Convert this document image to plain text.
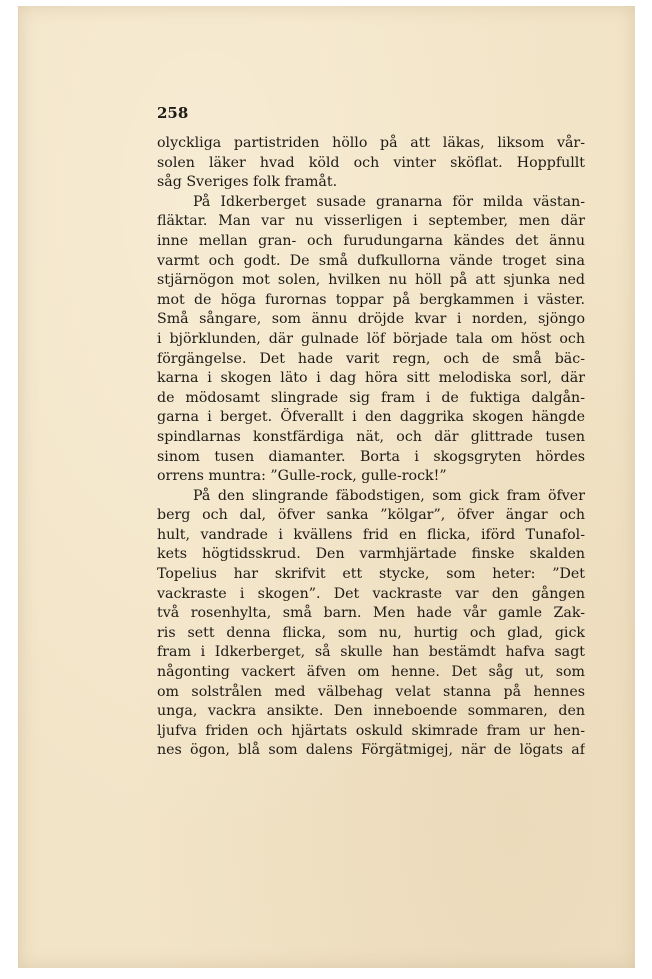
258
olyckliga partistriden höllo på att läkas, liksom vår-
solen läker hvad köld och vinter sköflat. Hoppfullt
såg Sveriges folk framåt.
På Idkerberget susade granarna för milda västan-
fläktar. Man var nu visserligen i september, men där
inne mellan gran- och furudungarna kändes det ännu
varmt och godt. De små dufkullorna vände troget sina
stjärnögon mot solen, hvilken nu höll på att sjunka ned
mot de höga furornas toppar på bergkammen i väster.
Små sångare, som ännu dröjde kvar i norden, sjöngo
i björklunden, där gulnade löf började tala om höst och
förgängelse. Det hade varit regn, och de små bäc-
karna i skogen läto i dag höra sitt melodiska sorl, där
de mödosamt slingrade sig fram i de fuktiga dalgån-
garna i berget. Öfverallt i den daggrika skogen hängde
spindlarnas konstfärdiga nät, och där glittrade tusen
sinom tusen diamanter. Borta i skogsgryten hördes
orrens muntra: ”Gulle-rock, gulle-rock!”
På den slingrande fäbodstigen, som gick fram öfver
berg och dal, öfver sanka ”kölgar”, öfver ängar och
hult, vandrade i kvällens frid en flicka, iförd Tunafol-
kets högtidsskrud. Den varmhjärtade finske skalden
Topelius har skrifvit ett stycke, som heter: ”Det
vackraste i skogen”. Det vackraste var den gången
två rosenhylta, små barn. Men hade vår gamle Zak-
ris sett denna flicka, som nu, hurtig och glad, gick
fram i Idkerberget, så skulle han bestämdt hafva sagt
någonting vackert äfven om henne. Det såg ut, som
om solstrålen med välbehag velat stanna på hennes
unga, vackra ansikte. Den inneboende sommaren, den
ljufva friden och hjärtats oskuld skimrade fram ur hen-
nes ögon, blå som dalens Förgätmigej, när de lögats af
